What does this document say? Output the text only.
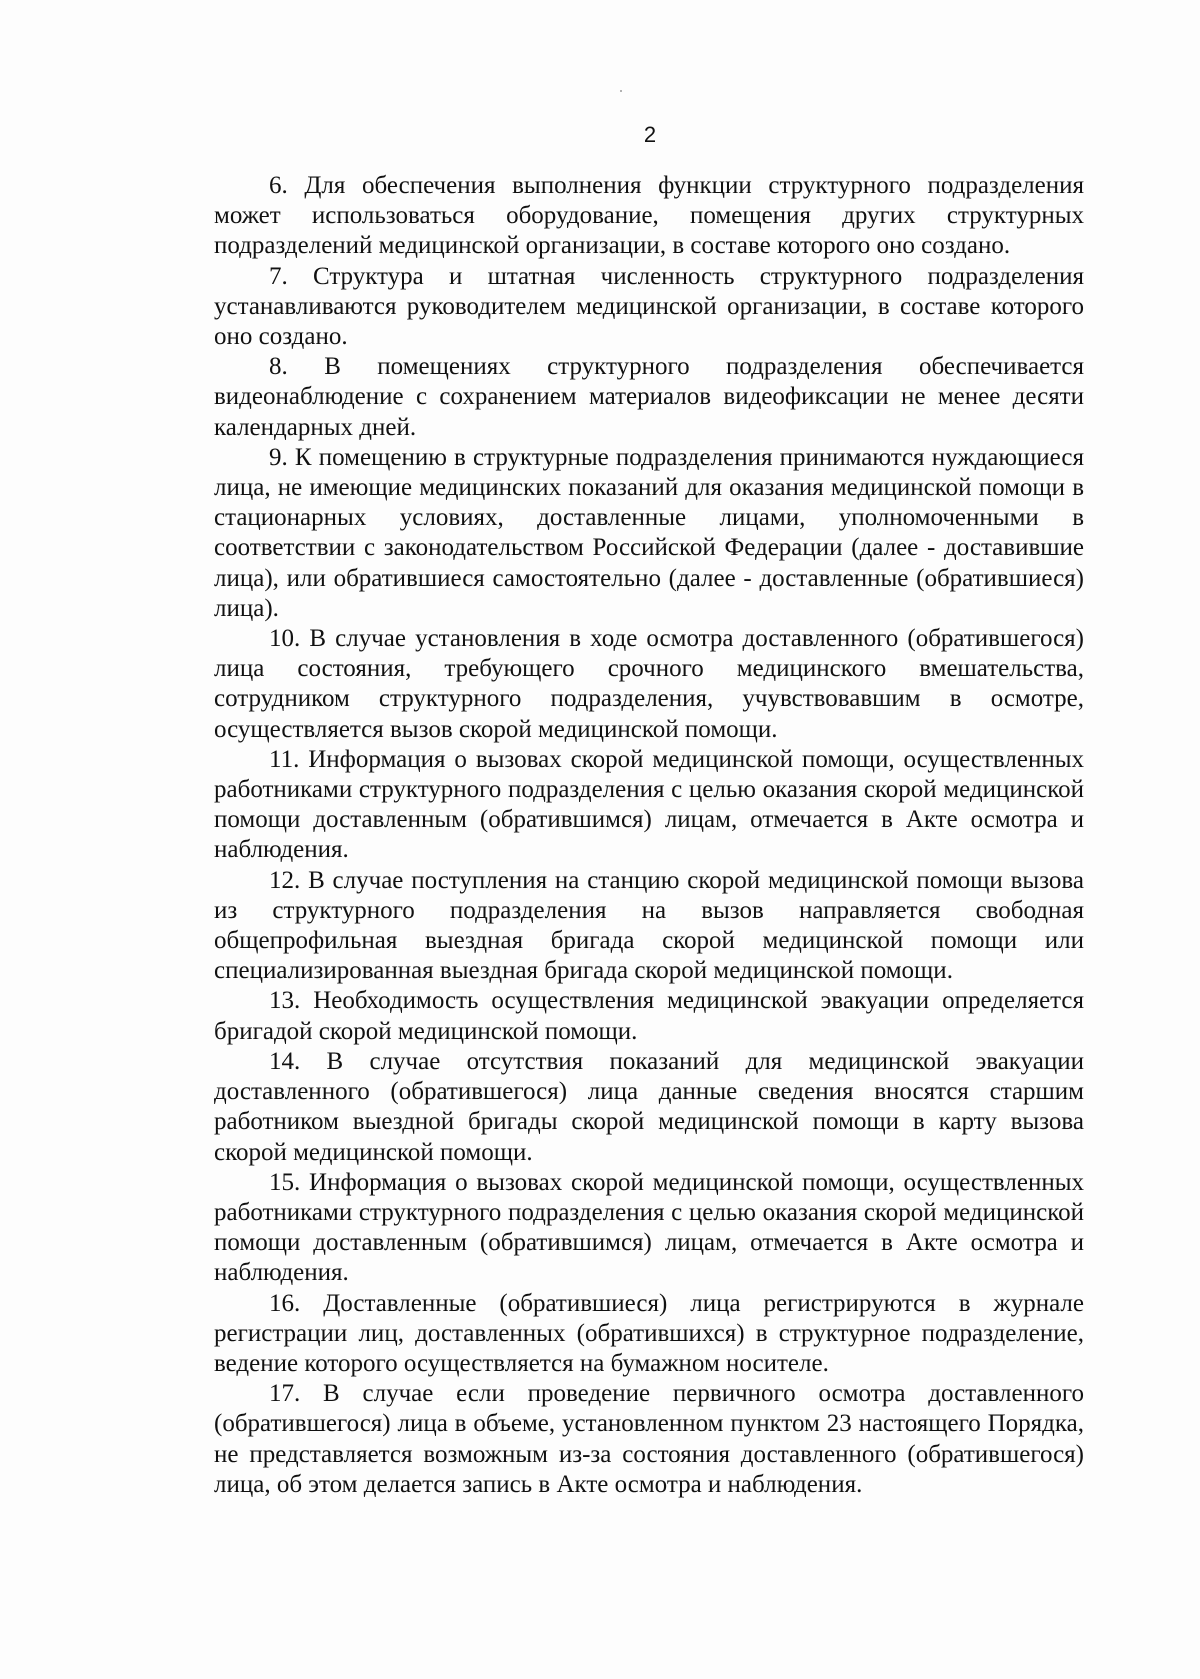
2

6. Для обеспечения выполнения функции структурного подразделения может использоваться оборудование, помещения других структурных подразделений медицинской организации, в составе которого оно создано.

7. Структура и штатная численность структурного подразделения устанавливаются руководителем медицинской организации, в составе которого оно создано.

8. В помещениях структурного подразделения обеспечивается видеонаблюдение с сохранением материалов видеофиксации не менее десяти календарных дней.

9. К помещению в структурные подразделения принимаются нуждающиеся лица, не имеющие медицинских показаний для оказания медицинской помощи в стационарных условиях, доставленные лицами, уполномоченными в соответствии с законодательством Российской Федерации (далее - доставившие лица), или обратившиеся самостоятельно (далее - доставленные (обратившиеся) лица).

10. В случае установления в ходе осмотра доставленного (обратившегося) лица состояния, требующего срочного медицинского вмешательства, сотрудником структурного подразделения, учувствовавшим в осмотре, осуществляется вызов скорой медицинской помощи.

11. Информация о вызовах скорой медицинской помощи, осуществленных работниками структурного подразделения с целью оказания скорой медицинской помощи доставленным (обратившимся) лицам, отмечается в Акте осмотра и наблюдения.

12. В случае поступления на станцию скорой медицинской помощи вызова из структурного подразделения на вызов направляется свободная общепрофильная выездная бригада скорой медицинской помощи или специализированная выездная бригада скорой медицинской помощи.

13. Необходимость осуществления медицинской эвакуации определяется бригадой скорой медицинской помощи.

14. В случае отсутствия показаний для медицинской эвакуации доставленного (обратившегося) лица данные сведения вносятся старшим работником выездной бригады скорой медицинской помощи в карту вызова скорой медицинской помощи.

15. Информация о вызовах скорой медицинской помощи, осуществленных работниками структурного подразделения с целью оказания скорой медицинской помощи доставленным (обратившимся) лицам, отмечается в Акте осмотра и наблюдения.

16. Доставленные (обратившиеся) лица регистрируются в журнале регистрации лиц, доставленных (обратившихся) в структурное подразделение, ведение которого осуществляется на бумажном носителе.

17. В случае если проведение первичного осмотра доставленного (обратившегося) лица в объеме, установленном пунктом 23 настоящего Порядка, не представляется возможным из-за состояния доставленного (обратившегося) лица, об этом делается запись в Акте осмотра и наблюдения.
